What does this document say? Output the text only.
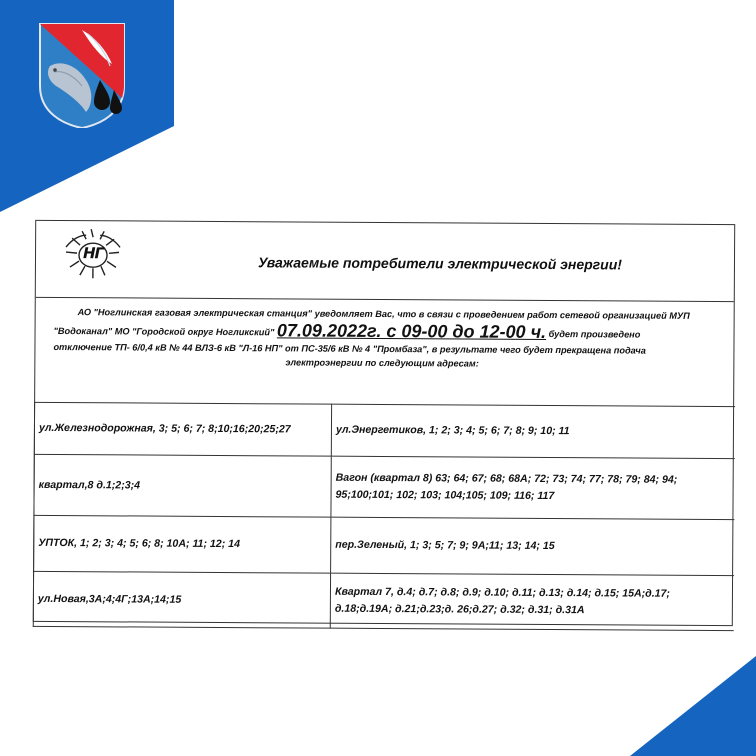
НГ
Уважаемые потребители электрической энергии!
АО "Ноглинская газовая электрическая станция" уведомляет Вас, что в связи с проведением работ сетевой организацией МУП
"Водоканал" МО "Городской округ Ногликский" 07.09.2022г. с 09-00 до 12-00 ч. будет произведено
отключение ТП- 6/0,4 кВ № 44 ВЛЗ-6 кВ "Л-16 НП" от ПС-35/6 кВ № 4 "Промбаза", в результате чего будет прекращена подача
электроэнергии по следующим адресам:
ул.Железнодорожная, 3; 5; 6; 7; 8;10;16;20;25;27	ул.Энергетиков, 1; 2; 3; 4; 5; 6; 7; 8; 9; 10; 11
квартал,8 д.1;2;3;4	Вагон (квартал 8) 63; 64; 67; 68; 68А; 72; 73; 74; 77; 78; 79; 84; 94; 95;100;101; 102; 103; 104;105; 109; 116; 117
УПТОК, 1; 2; 3; 4; 5; 6; 8; 10А; 11; 12; 14	пер.Зеленый, 1; 3; 5; 7; 9; 9А;11; 13; 14; 15
ул.Новая,3А;4;4Г;13А;14;15	Квартал 7, д.4; д.7; д.8; д.9; д.10; д.11; д.13; д.14; д.15; 15А;д.17; д.18;д.19А; д.21;д.23;д. 26;д.27; д.32; д.31; д.31А
